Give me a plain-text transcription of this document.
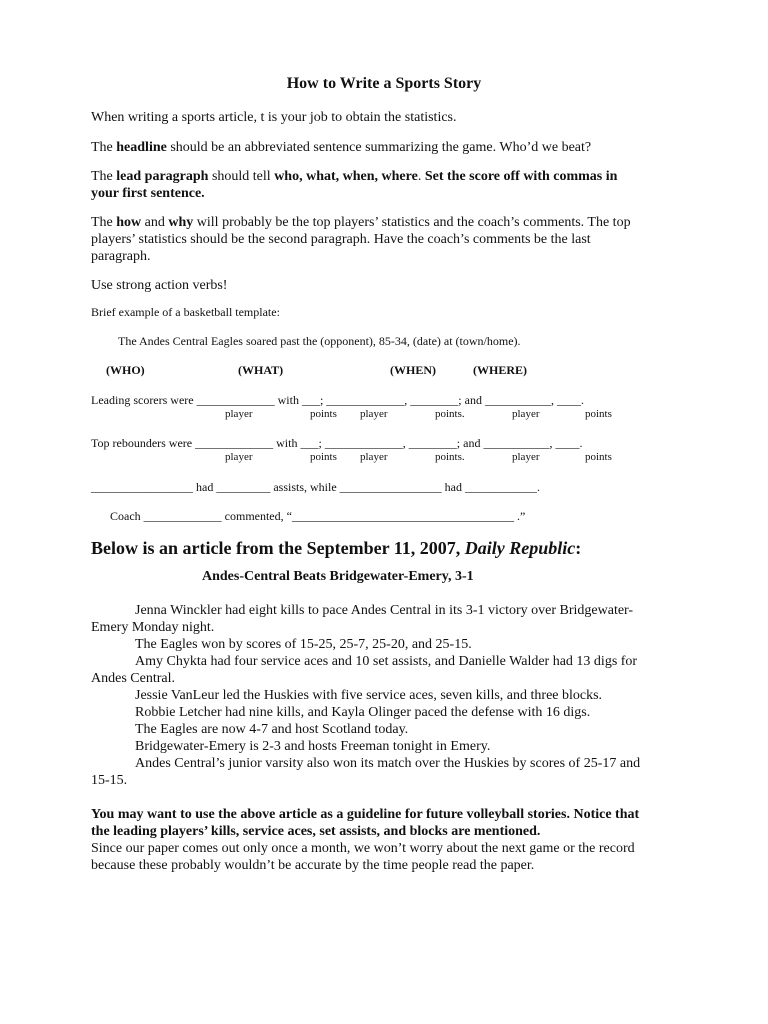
How to Write a Sports Story
When writing a sports article, t is your job to obtain the statistics.
The headline should be an abbreviated sentence summarizing the game. Who’d we beat?
The lead paragraph should tell who, what, when, where. Set the score off with commas in
your first sentence.
The how and why will probably be the top players’ statistics and the coach’s comments. The top
players’ statistics should be the second paragraph. Have the coach’s comments be the last
paragraph.
Use strong action verbs!
Brief example of a basketball template:
The Andes Central Eagles soared past the (opponent), 85-34, (date) at (town/home).
(WHO)	(WHAT)	(WHEN)	(WHERE)
Leading scorers were _____________ with ___; _____________, ________; and ___________, ____.
player	points player	points.	player	points
Top rebounders were _____________ with ___; _____________, ________; and ___________, ____.
player	points player	points.	player	points
_________________ had _________ assists, while _________________ had ____________.
Coach _____________ commented, “_____________________________________ .”
Below is an article from the September 11, 2007, Daily Republic:
Andes-Central Beats Bridgewater-Emery, 3-1
Jenna Winckler had eight kills to pace Andes Central in its 3-1 victory over Bridgewater-
Emery Monday night.
The Eagles won by scores of 15-25, 25-7, 25-20, and 25-15.
Amy Chykta had four service aces and 10 set assists, and Danielle Walder had 13 digs for
Andes Central.
Jessie VanLeur led the Huskies with five service aces, seven kills, and three blocks.
Robbie Letcher had nine kills, and Kayla Olinger paced the defense with 16 digs.
The Eagles are now 4-7 and host Scotland today.
Bridgewater-Emery is 2-3 and hosts Freeman tonight in Emery.
Andes Central’s junior varsity also won its match over the Huskies by scores of 25-17 and
15-15.
You may want to use the above article as a guideline for future volleyball stories. Notice that
the leading players’ kills, service aces, set assists, and blocks are mentioned.
Since our paper comes out only once a month, we won’t worry about the next game or the record
because these probably wouldn’t be accurate by the time people read the paper.
